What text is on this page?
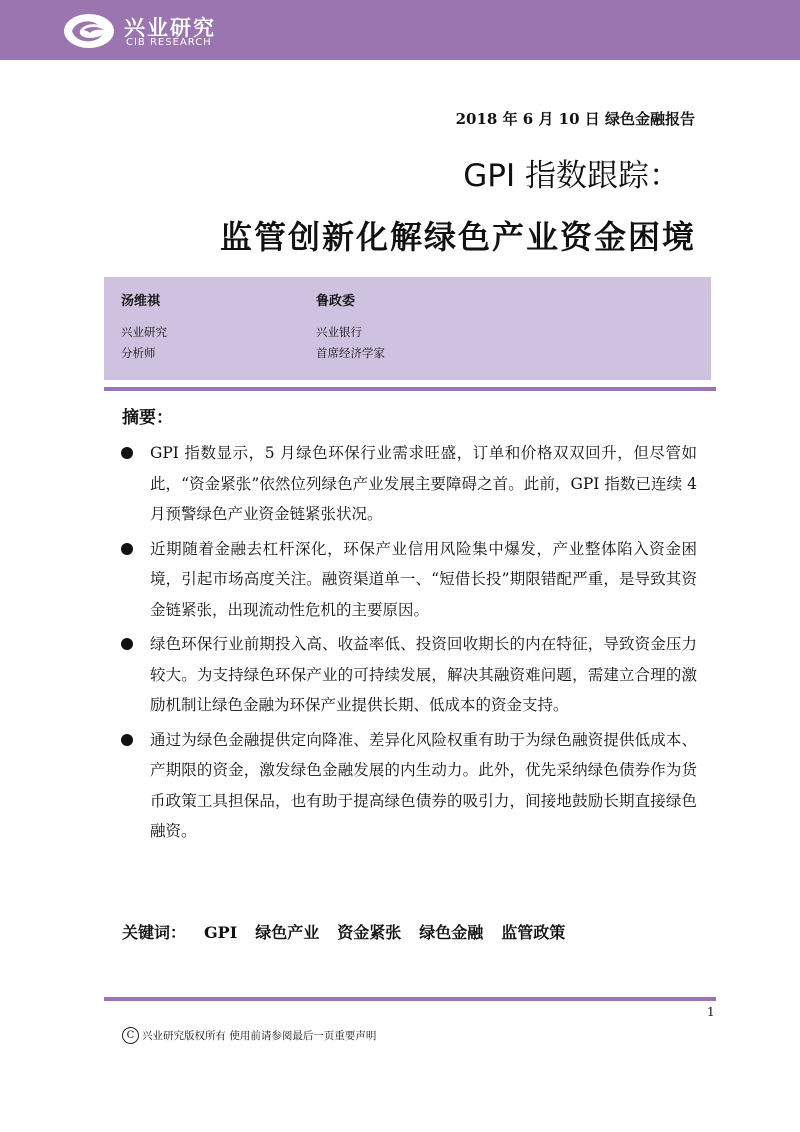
兴业研究
CIB RESEARCH
2018 年 6 月 10 日 绿色金融报告
GPI 指数跟踪：
监管创新化解绿色产业资金困境
汤维祺
兴业研究
分析师
鲁政委
兴业银行
首席经济学家
摘要：
GPI 指数显示，5 月绿色环保行业需求旺盛，订单和价格双双回升，但尽管如此，“资金紧张”依然位列绿色产业发展主要障碍之首。此前，GPI 指数已连续 4 月预警绿色产业资金链紧张状况。
近期随着金融去杠杆深化，环保产业信用风险集中爆发，产业整体陷入资金困境，引起市场高度关注。融资渠道单一、“短借长投”期限错配严重，是导致其资金链紧张，出现流动性危机的主要原因。
绿色环保行业前期投入高、收益率低、投资回收期长的内在特征，导致资金压力较大。为支持绿色环保产业的可持续发展，解决其融资难问题，需建立合理的激励机制让绿色金融为环保产业提供长期、低成本的资金支持。
通过为绿色金融提供定向降准、差异化风险权重有助于为绿色融资提供低成本、产期限的资金，激发绿色金融发展的内生动力。此外，优先采纳绿色债券作为货币政策工具担保品，也有助于提高绿色债券的吸引力，间接地鼓励长期直接绿色融资。
关键词： GPI 绿色产业 资金紧张 绿色金融 监管政策
1
C 兴业研究版权所有 使用前请参阅最后一页重要声明
